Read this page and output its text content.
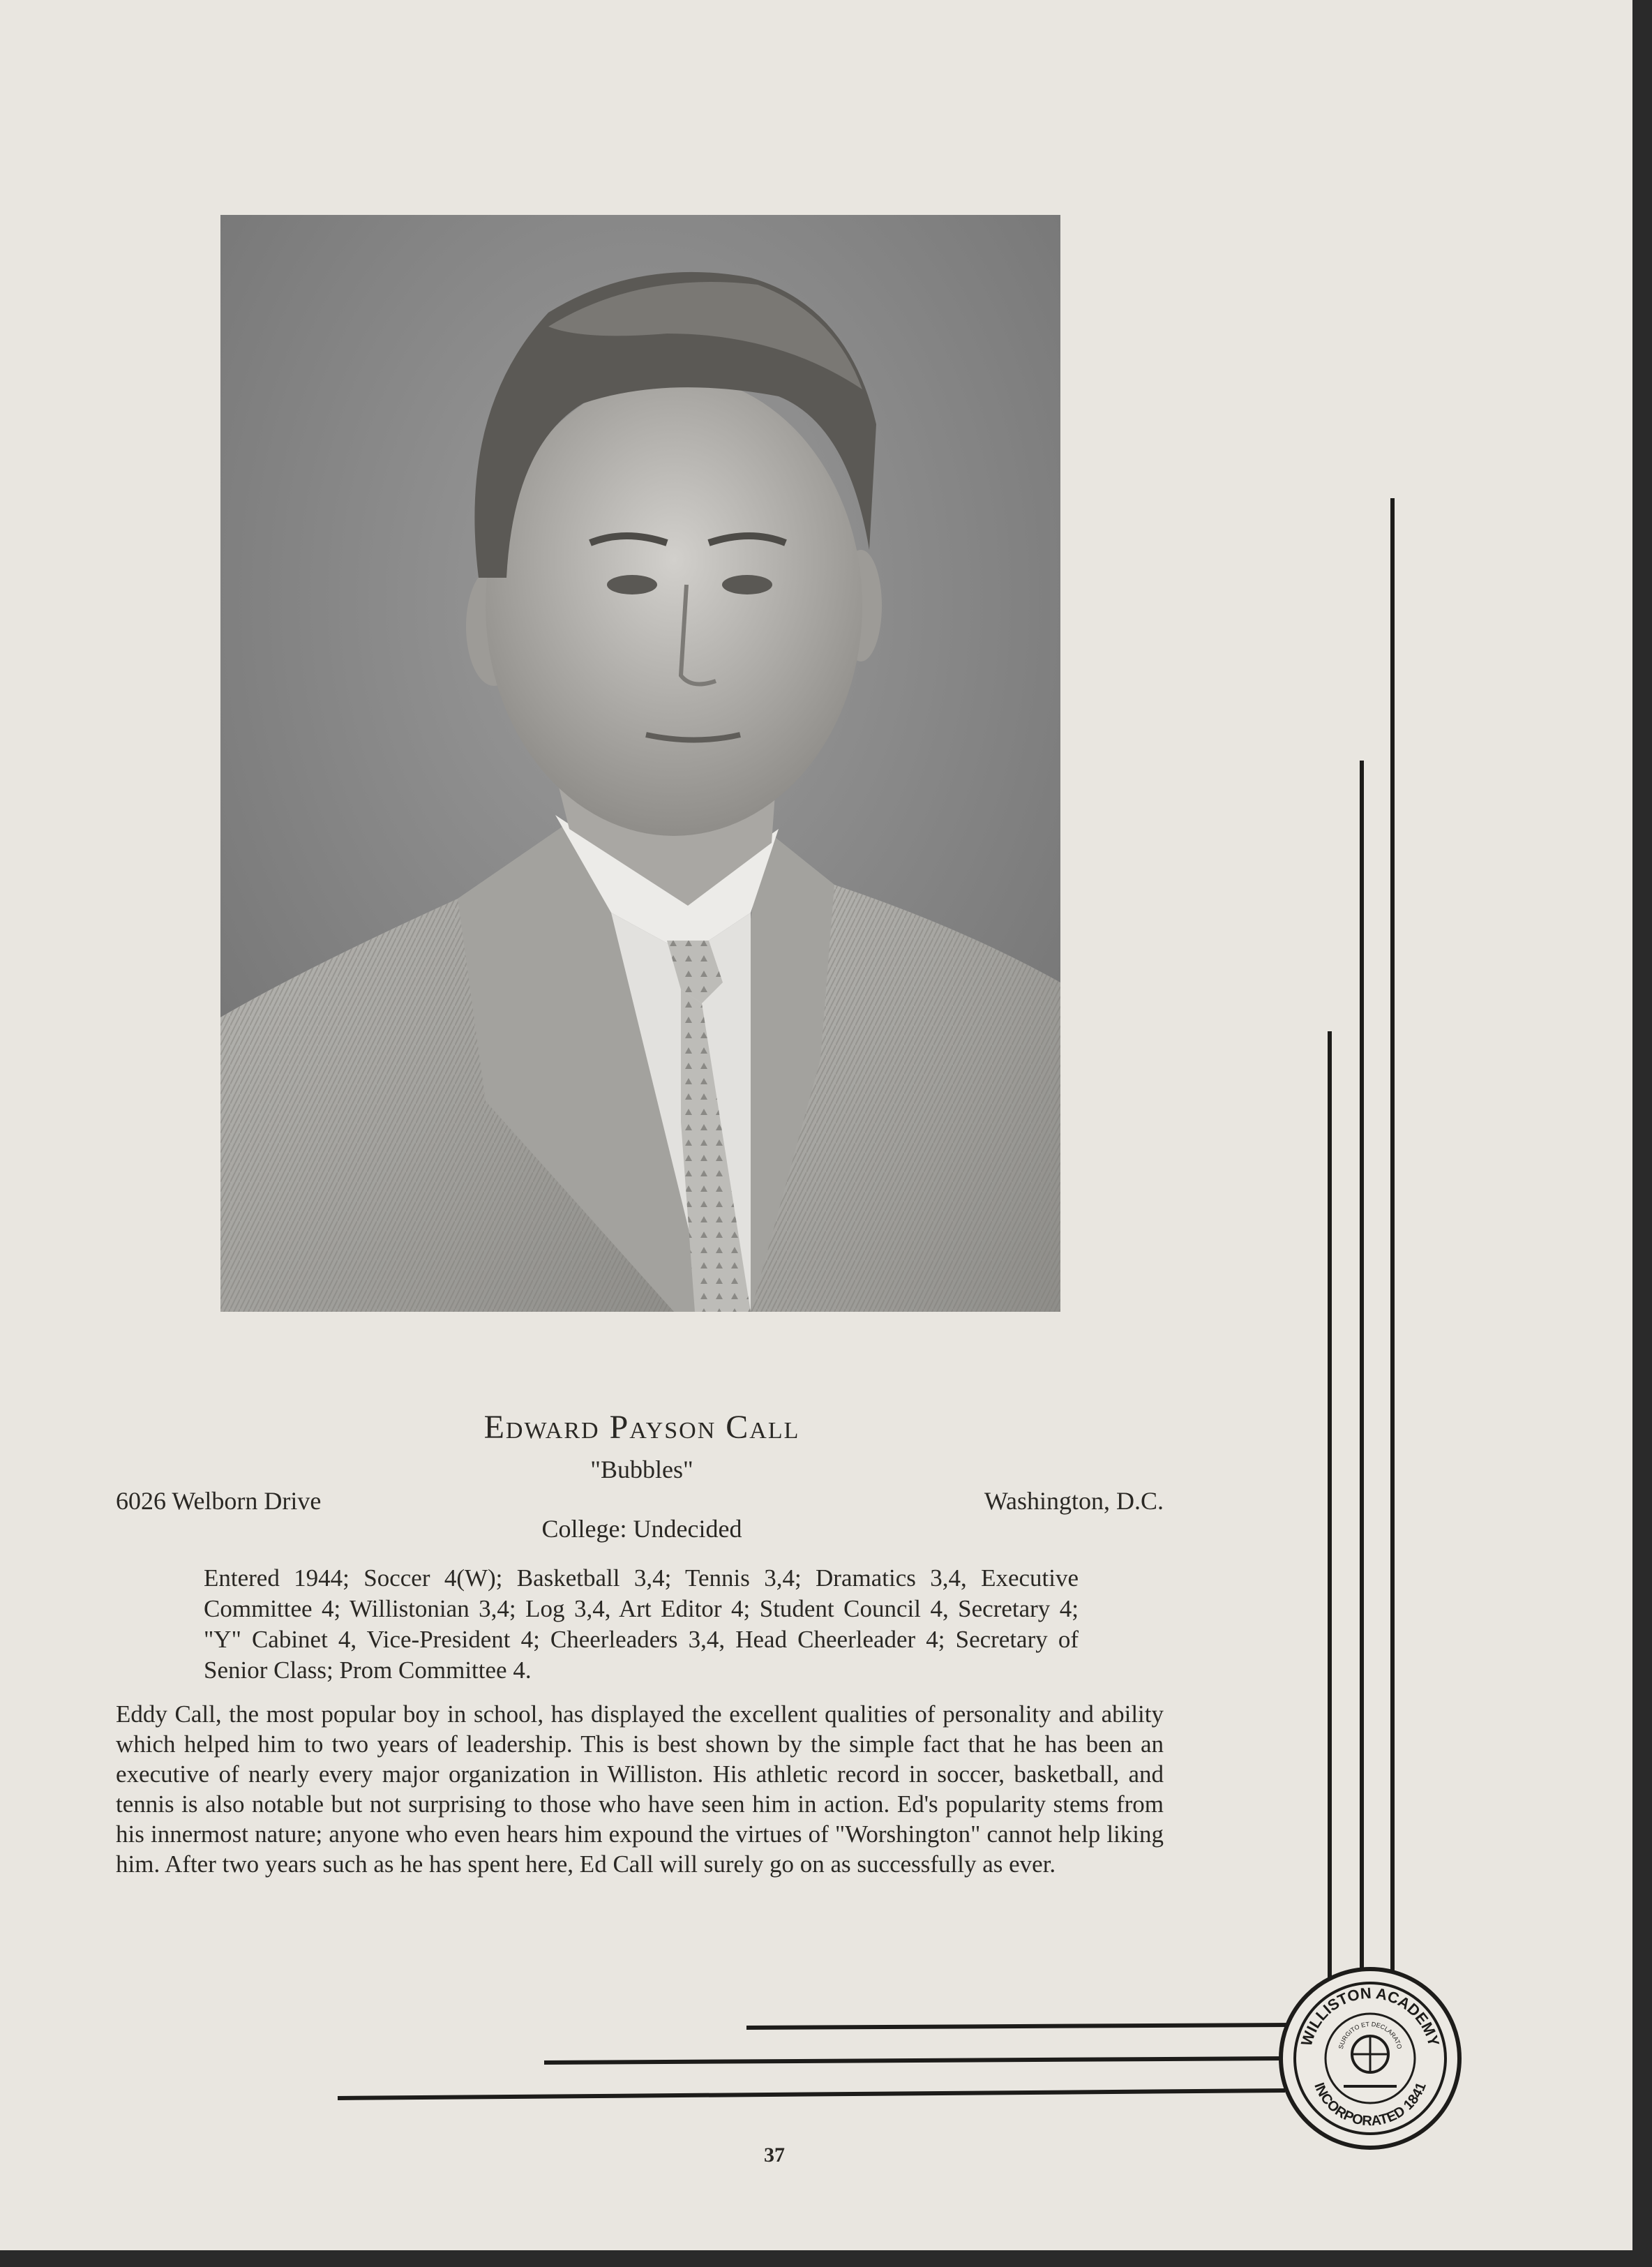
Edward Payson Call
"Bubbles"
6026 Welborn Drive	Washington, D.C.
College: Undecided
Entered 1944; Soccer 4(W); Basketball 3,4; Tennis 3,4; Dramatics 3,4, Executive Committee 4; Willistonian 3,4; Log 3,4, Art Editor 4; Student Council 4, Secretary 4; "Y" Cabinet 4, Vice-President 4; Cheerleaders 3,4, Head Cheerleader 4; Secretary of Senior Class; Prom Committee 4.
Eddy Call, the most popular boy in school, has displayed the excellent qualities of personality and ability which helped him to two years of leadership. This is best shown by the simple fact that he has been an executive of nearly every major organization in Williston. His athletic record in soccer, basketball, and tennis is also notable but not surprising to those who have seen him in action. Ed's popularity stems from his innermost nature; anyone who even hears him expound the virtues of "Worshington" cannot help liking him. After two years such as he has spent here, Ed Call will surely go on as successfully as ever.
37
WILLISTON ACADEMY
INCORPORATED 1841
SURGITO ET DECLARATO
